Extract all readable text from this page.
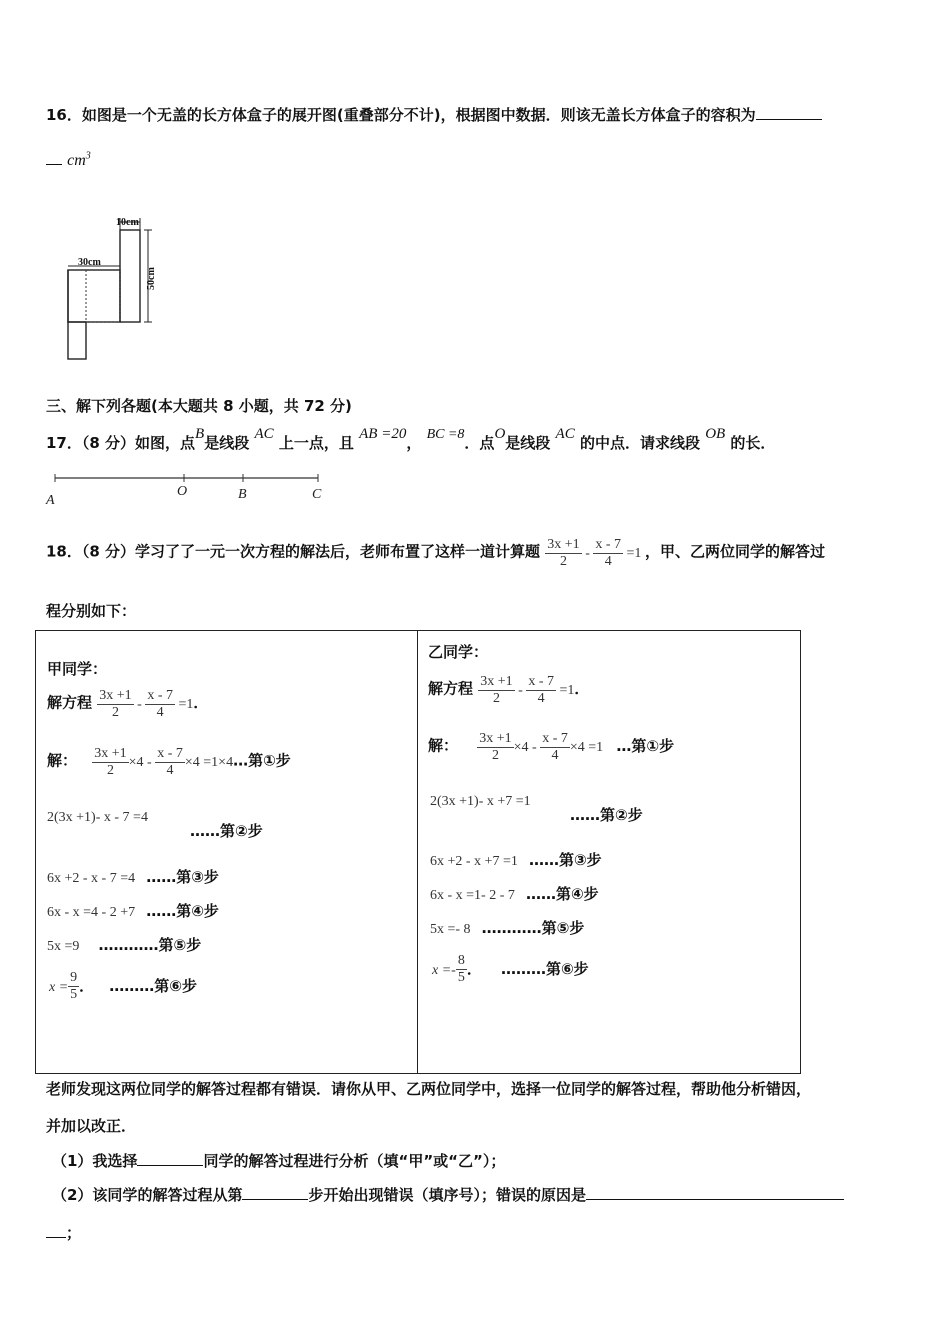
16．如图是一个无盖的长方体盒子的展开图(重叠部分不计)，根据图中数据．则该无盖长方体盒子的容积为
$cm^3$
10cm
30cm
50cm
三、解下列各题(本大题共 8 小题，共 72 分)
17．（8 分）如图，点B是线段 AC 上一点，且 AB =20， BC =8．点O是线段 AC 的中点．请求线段 OB 的长．
A
O	B	C
18．（8 分）学习了了一元一次方程的解法后，老师布置了这样一道计算题 $\frac{3x +1}{2} - \frac{x - 7}{4} =1$ ，甲、乙两位同学的解答过
程分别如下：
甲同学：
解方程 $\frac{3x +1}{2} - \frac{x - 7}{4} =1$．
解： $\frac{3x +1}{2} \times 4 - \frac{x - 7}{4} \times 4$ =1×4…第①步
2(3x +1)- x - 7 =4
……第②步
6x +2 - x - 7 =4 ……第③步
6x - x =4 - 2 +7 ……第④步
5x =9 …………第⑤步
$x = \frac{9}{5}$ ． ………第⑥步
乙同学：
解方程 $\frac{3x +1}{2} - \frac{x - 7}{4} =1$．
解： $\frac{3x +1}{2} \times 4 - \frac{x - 7}{4} \times 4 =1$ …第①步
2(3x +1)- x +7 =1
……第②步
6x +2 - x +7 =1 ……第③步
6x - x =1- 2 - 7 ……第④步
5x =- 8 …………第⑤步
$x =- \frac{8}{5}$ ． ………第⑥步
老师发现这两位同学的解答过程都有错误．请你从甲、乙两位同学中，选择一位同学的解答过程，帮助他分析错因，
并加以改正．
（1）我选择	同学的解答过程进行分析（填“甲”或“乙”）；
（2）该同学的解答过程从第	步开始出现错误（填序号）；错误的原因是
；
